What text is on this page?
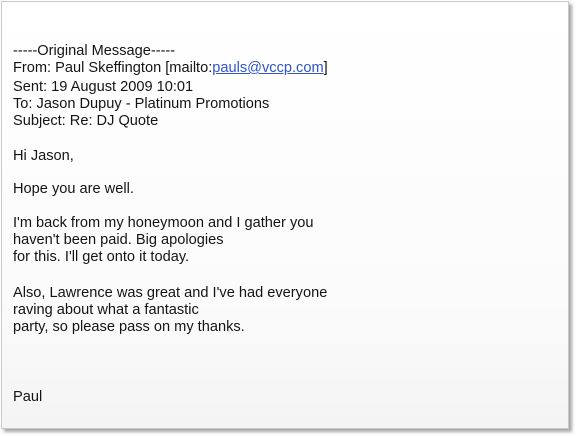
-----Original Message-----
From: Paul Skeffington [mailto:pauls@vccp.com]
Sent: 19 August 2009 10:01
To: Jason Dupuy - Platinum Promotions
Subject: Re: DJ Quote
Hi Jason,
Hope you are well.
I'm back from my honeymoon and I gather you
haven't been paid. Big apologies
for this. I'll get onto it today.
Also, Lawrence was great and I've had everyone
raving about what a fantastic
party, so please pass on my thanks.
Paul
